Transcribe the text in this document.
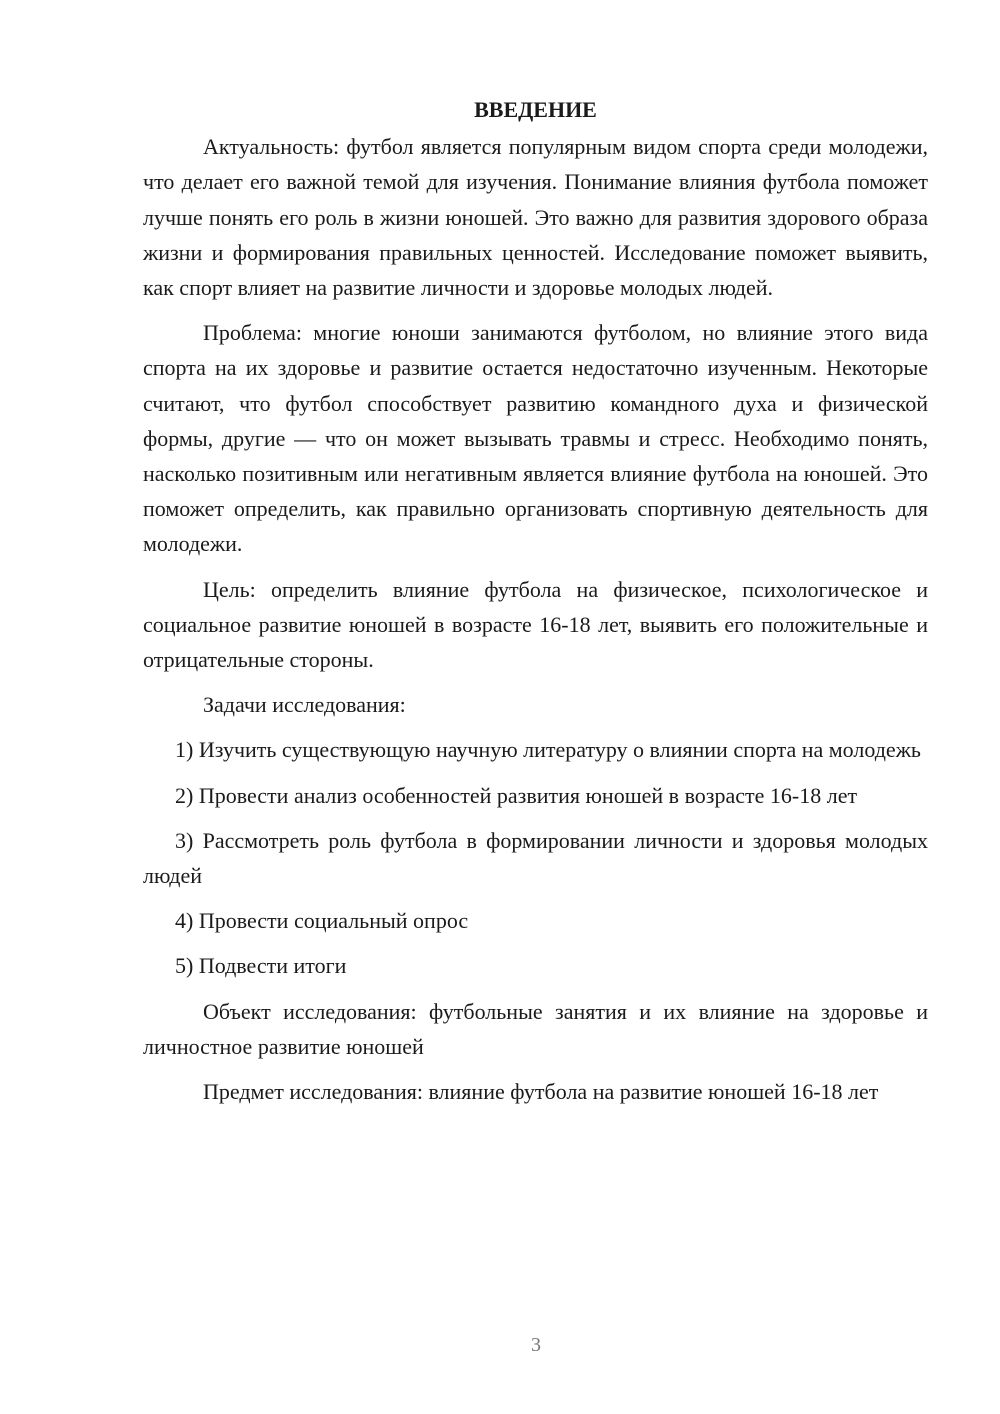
ВВЕДЕНИЕ

Актуальность: футбол является популярным видом спорта среди молодежи, что делает его важной темой для изучения. Понимание влияния футбола поможет лучше понять его роль в жизни юношей. Это важно для развития здорового образа жизни и формирования правильных ценностей. Исследование поможет выявить, как спорт влияет на развитие личности и здоровье молодых людей.

Проблема: многие юноши занимаются футболом, но влияние этого вида спорта на их здоровье и развитие остается недостаточно изученным. Некоторые считают, что футбол способствует развитию командного духа и физической формы, другие — что он может вызывать травмы и стресс. Необходимо понять, насколько позитивным или негативным является влияние футбола на юношей. Это поможет определить, как правильно организовать спортивную деятельность для молодежи.

Цель: определить влияние футбола на физическое, психологическое и социальное развитие юношей в возрасте 16-18 лет, выявить его положительные и отрицательные стороны.

Задачи исследования:

1) Изучить существующую научную литературу о влиянии спорта на молодежь

2) Провести анализ особенностей развития юношей в возрасте 16-18 лет

3) Рассмотреть роль футбола в формировании личности и здоровья молодых людей

4) Провести социальный опрос

5) Подвести итоги

Объект исследования: футбольные занятия и их влияние на здоровье и личностное развитие юношей

Предмет исследования: влияние футбола на развитие юношей 16-18 лет

3
